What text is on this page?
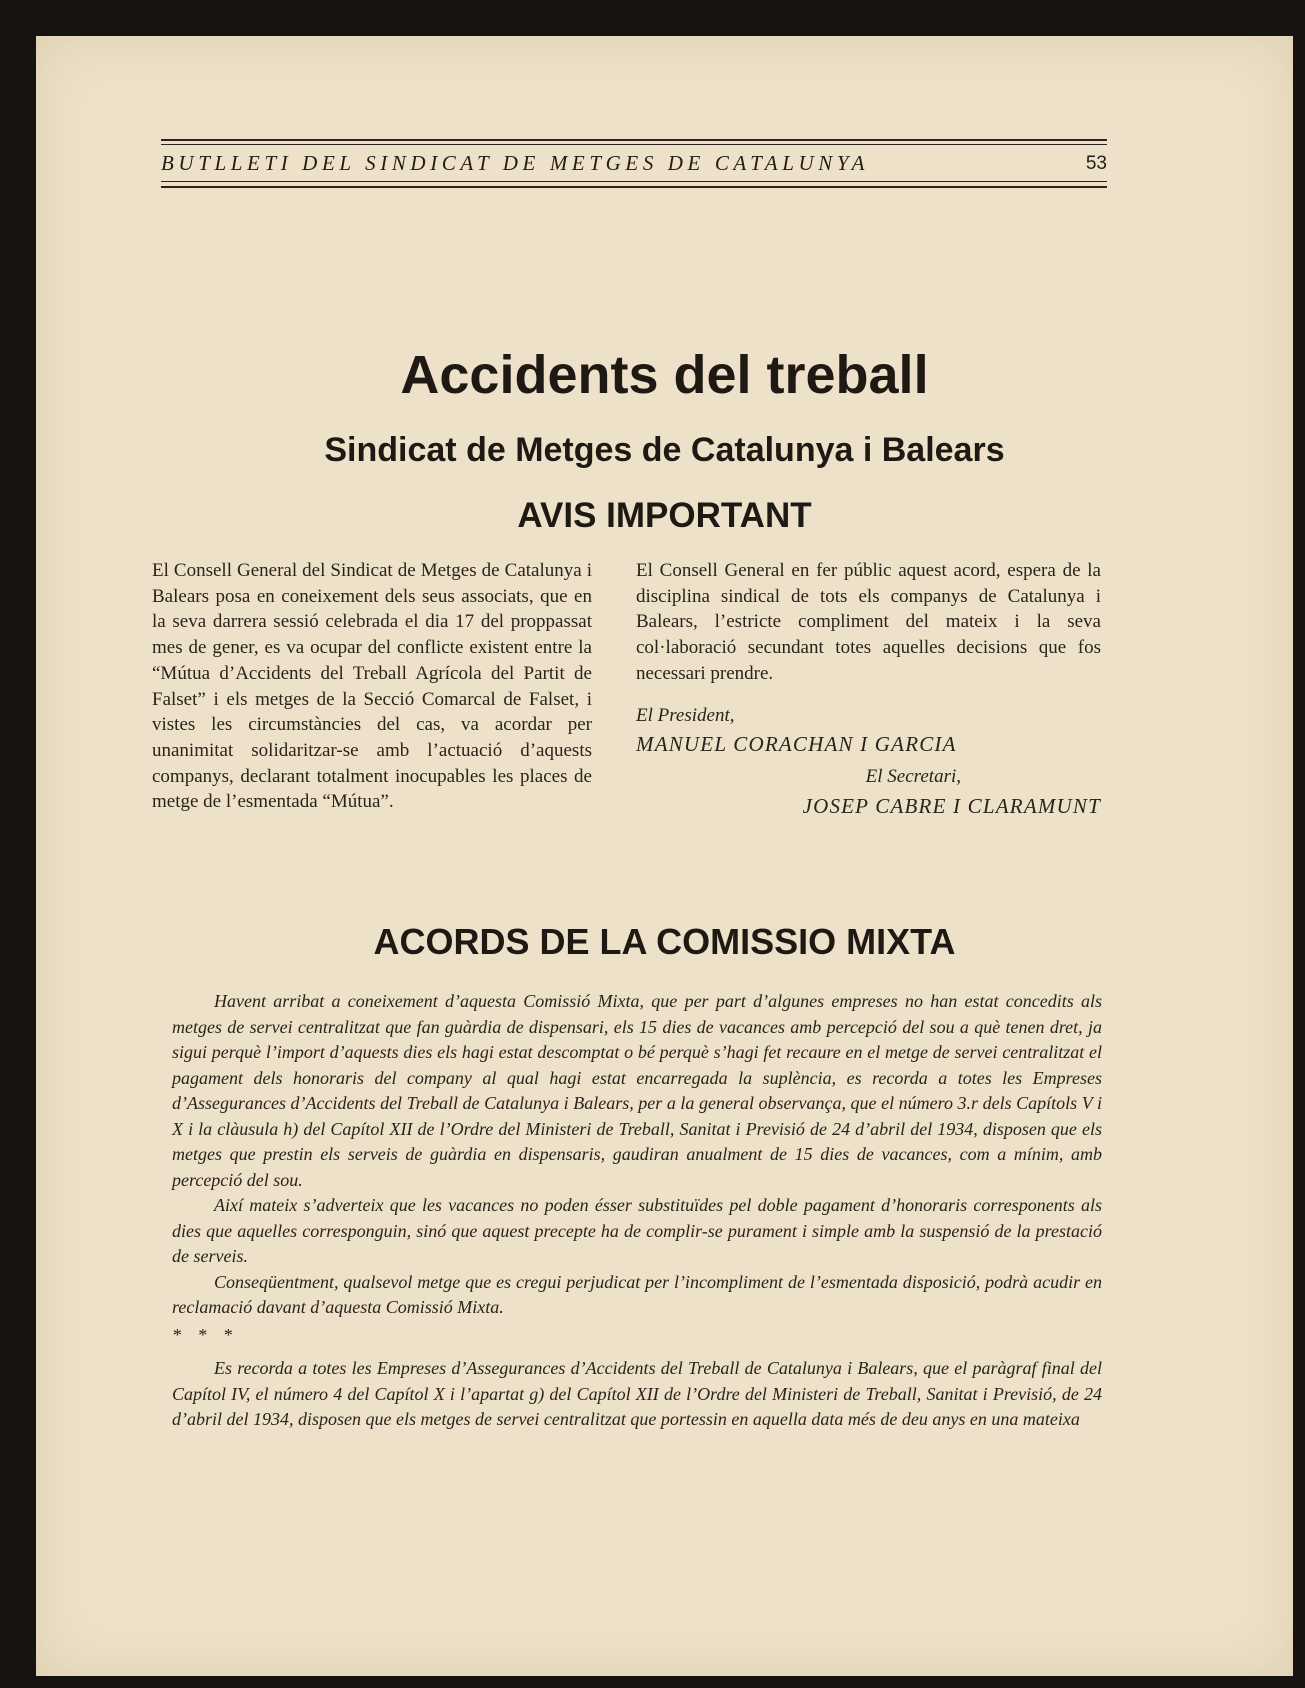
BUTLLETI DEL SINDICAT DE METGES DE CATALUNYA	53
Accidents del treball
Sindicat de Metges de Catalunya i Balears
AVIS IMPORTANT

El Consell General del Sindicat de Metges de Catalunya i Balears posa en coneixement dels seus associats, que en la seva darrera sessió celebrada el dia 17 del proppassat mes de gener, es va ocupar del conflicte existent entre la “Mútua d’Accidents del Treball Agrícola del Partit de Falset” i els metges de la Secció Comarcal de Falset, i vistes les circumstàncies del cas, va acordar per unanimitat solidaritzar-se amb l’actuació d’aquests companys, declarant totalment inocupables les places de metge de l’esmentada “Mútua”.

El Consell General en fer públic aquest acord, espera de la disciplina sindical de tots els companys de Catalunya i Balears, l’estricte compliment del mateix i la seva col·laboració secundant totes aquelles decisions que fos necessari prendre.

El President,

MANUEL CORACHAN I GARCIA

El Secretari,

JOSEP CABRE I CLARAMUNT

ACORDS DE LA COMISSIO MIXTA

Havent arribat a coneixement d’aquesta Comissió Mixta, que per part d’algunes empreses no han estat concedits als metges de servei centralitzat que fan guàrdia de dispensari, els 15 dies de vacances amb percepció del sou a què tenen dret, ja sigui perquè l’import d’aquests dies els hagi estat descomptat o bé perquè s’hagi fet recaure en el metge de servei centralitzat el pagament dels honoraris del company al qual hagi estat encarregada la suplència, es recorda a totes les Empreses d’Assegurances d’Accidents del Treball de Catalunya i Balears, per a la general observança, que el número 3.r dels Capítols V i X i la clàusula h) del Capítol XII de l’Ordre del Ministeri de Treball, Sanitat i Previsió de 24 d’abril del 1934, disposen que els metges que prestin els serveis de guàrdia en dispensaris, gaudiran anualment de 15 dies de vacances, com a mínim, amb percepció del sou.

Així mateix s’adverteix que les vacances no poden ésser substituïdes pel doble pagament d’honoraris corresponents als dies que aquelles corresponguin, sinó que aquest precepte ha de complir-se purament i simple amb la suspensió de la prestació de serveis.

Conseqüentment, qualsevol metge que es cregui perjudicat per l’incompliment de l’esmentada disposició, podrà acudir en reclamació davant d’aquesta Comissió Mixta.

* * *

Es recorda a totes les Empreses d’Assegurances d’Accidents del Treball de Catalunya i Balears, que el paràgraf final del Capítol IV, el número 4 del Capítol X i l’apartat g) del Capítol XII de l’Ordre del Ministeri de Treball, Sanitat i Previsió, de 24 d’abril del 1934, disposen que els metges de servei centralitzat que portessin en aquella data més de deu anys en una mateixa
